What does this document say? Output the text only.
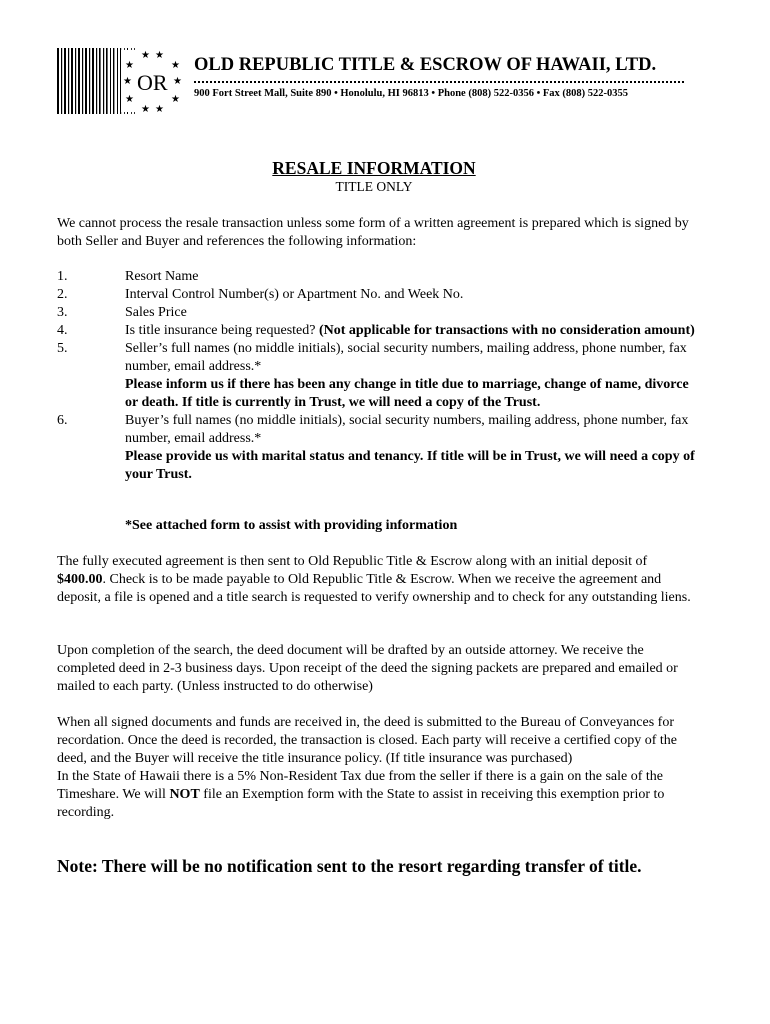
★ ★
★
★
★
★
★
★
★
★
OR
OLD REPUBLIC TITLE & ESCROW OF HAWAII, LTD.
900 Fort Street Mall, Suite 890 • Honolulu, HI 96813 • Phone (808) 522-0356 • Fax (808) 522-0355
RESALE INFORMATION
TITLE ONLY
We cannot process the resale transaction unless some form of a written agreement is prepared which is signed by both Seller and Buyer and references the following information:
1.	Resort Name
2.	Interval Control Number(s) or Apartment No. and Week No.
3.	Sales Price
4.	Is title insurance being requested? (Not applicable for transactions with no consideration amount)
5.	Seller’s full names (no middle initials), social security numbers, mailing address, phone number, fax number, email address.*
Please inform us if there has been any change in title due to marriage, change of name, divorce or death. If title is currently in Trust, we will need a copy of the Trust.
6.	Buyer’s full names (no middle initials), social security numbers, mailing address, phone number, fax number, email address.*
Please provide us with marital status and tenancy. If title will be in Trust, we will need a copy of your Trust.
*See attached form to assist with providing information
The fully executed agreement is then sent to Old Republic Title & Escrow along with an initial deposit of $400.00. Check is to be made payable to Old Republic Title & Escrow. When we receive the agreement and deposit, a file is opened and a title search is requested to verify ownership and to check for any outstanding liens.
Upon completion of the search, the deed document will be drafted by an outside attorney. We receive the completed deed in 2-3 business days. Upon receipt of the deed the signing packets are prepared and emailed or mailed to each party. (Unless instructed to do otherwise)
When all signed documents and funds are received in, the deed is submitted to the Bureau of Conveyances for recordation. Once the deed is recorded, the transaction is closed. Each party will receive a certified copy of the deed, and the Buyer will receive the title insurance policy. (If title insurance was purchased)
In the State of Hawaii there is a 5% Non-Resident Tax due from the seller if there is a gain on the sale of the Timeshare. We will NOT file an Exemption form with the State to assist in receiving this exemption prior to recording.
Note: There will be no notification sent to the resort regarding transfer of title.
